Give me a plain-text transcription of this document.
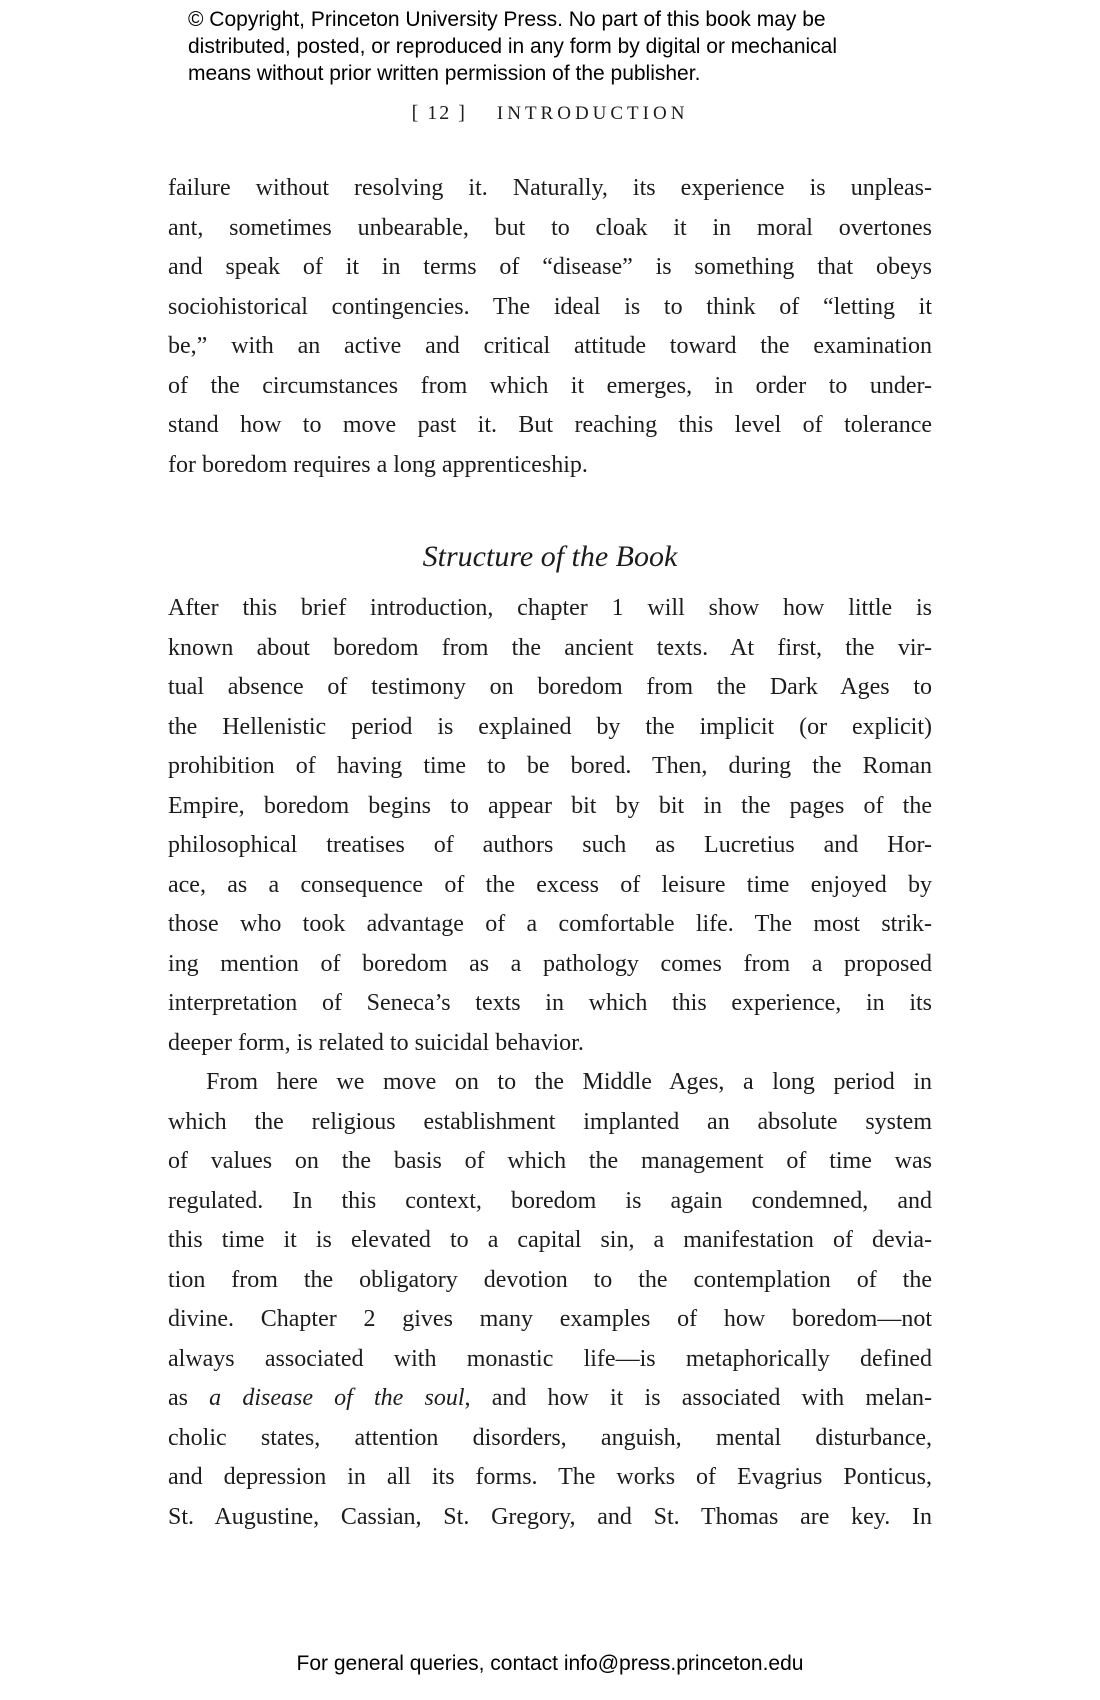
© Copyright, Princeton University Press. No part of this book may be
distributed, posted, or reproduced in any form by digital or mechanical
means without prior written permission of the publisher.
[ 12 ] INTRODUCTION
failure without resolving it. Naturally, its experience is unpleas-
ant, sometimes unbearable, but to cloak it in moral overtones
and speak of it in terms of “disease” is something that obeys
sociohistorical contingencies. The ideal is to think of “letting it
be,” with an active and critical attitude toward the examination
of the circumstances from which it emerges, in order to under-
stand how to move past it. But reaching this level of tolerance
for boredom requires a long apprenticeship.
Structure of the Book
After this brief introduction, chapter 1 will show how little is
known about boredom from the ancient texts. At first, the vir-
tual absence of testimony on boredom from the Dark Ages to
the Hellenistic period is explained by the implicit (or explicit)
prohibition of having time to be bored. Then, during the Roman
Empire, boredom begins to appear bit by bit in the pages of the
philosophical treatises of authors such as Lucretius and Hor-
ace, as a consequence of the excess of leisure time enjoyed by
those who took advantage of a comfortable life. The most strik-
ing mention of boredom as a pathology comes from a proposed
interpretation of Seneca’s texts in which this experience, in its
deeper form, is related to suicidal behavior.
From here we move on to the Middle Ages, a long period in
which the religious establishment implanted an absolute system
of values on the basis of which the management of time was
regulated. In this context, boredom is again condemned, and
this time it is elevated to a capital sin, a manifestation of devia-
tion from the obligatory devotion to the contemplation of the
divine. Chapter 2 gives many examples of how boredom—not
always associated with monastic life—is metaphorically defined
as a disease of the soul, and how it is associated with melan-
cholic states, attention disorders, anguish, mental disturbance,
and depression in all its forms. The works of Evagrius Ponticus,
St. Augustine, Cassian, St. Gregory, and St. Thomas are key. In
For general queries, contact info@press.princeton.edu
